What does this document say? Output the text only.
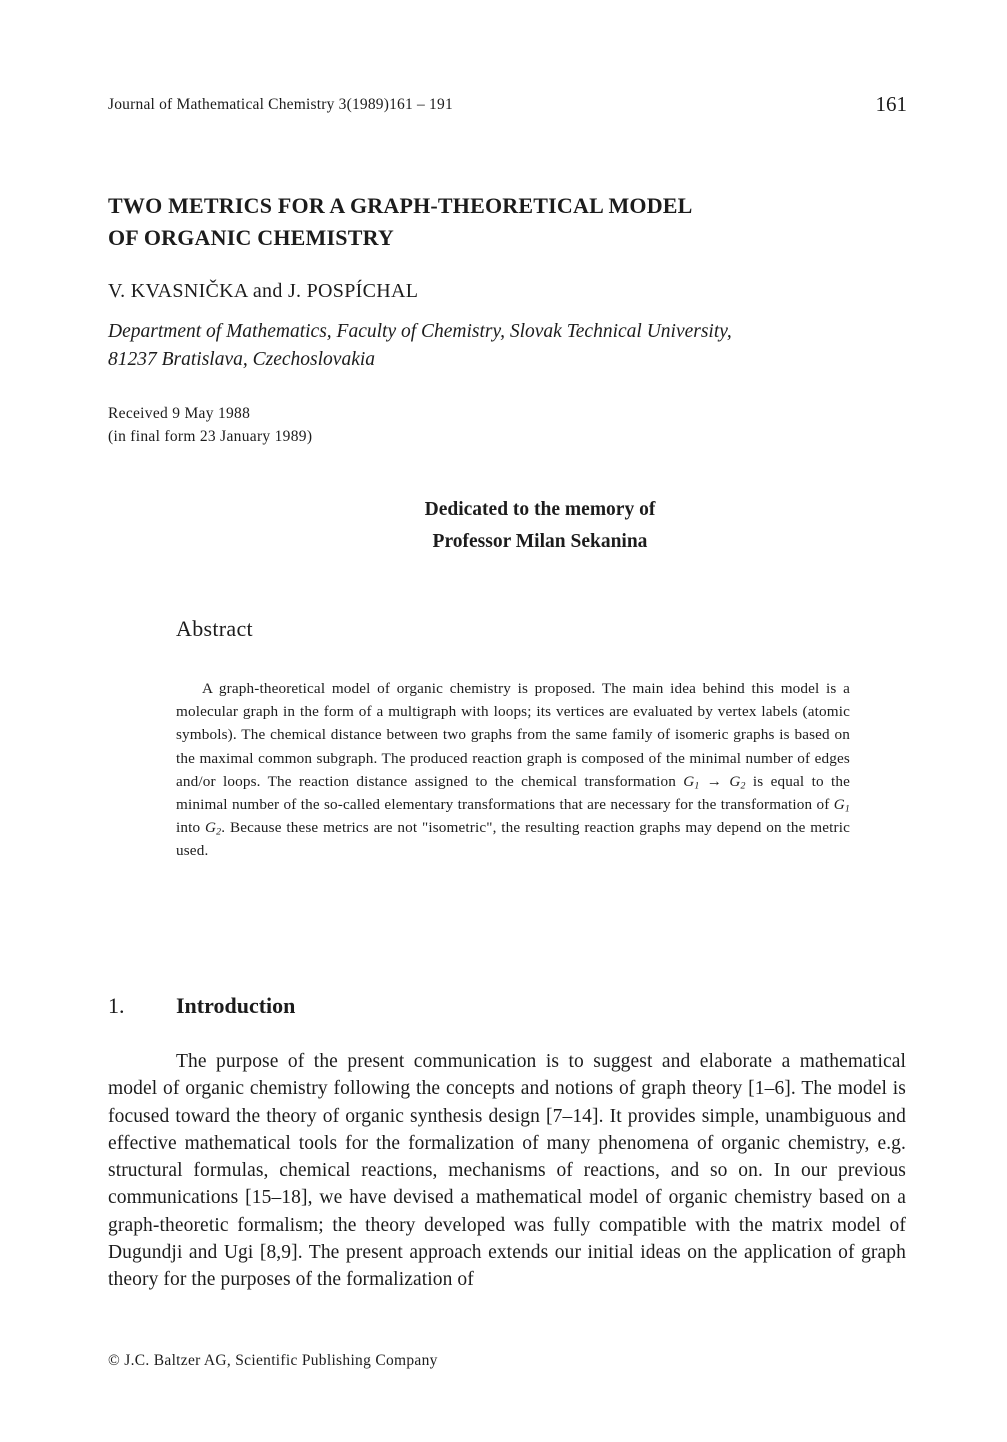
Journal of Mathematical Chemistry 3(1989)161 – 191	161
TWO METRICS FOR A GRAPH-THEORETICAL MODEL
OF ORGANIC CHEMISTRY
V. KVASNIČKA and J. POSPÍCHAL
Department of Mathematics, Faculty of Chemistry, Slovak Technical University,
81237 Bratislava, Czechoslovakia
Received 9 May 1988
(in final form 23 January 1989)
Dedicated to the memory of
Professor Milan Sekanina
Abstract
A graph-theoretical model of organic chemistry is proposed. The main idea behind this model is a molecular graph in the form of a multigraph with loops; its vertices are evaluated by vertex labels (atomic symbols). The chemical distance between two graphs from the same family of isomeric graphs is based on the maximal common subgraph. The produced reaction graph is composed of the minimal number of edges and/or loops. The reaction distance assigned to the chemical transformation $G_1 \to G_2$ is equal to the minimal number of the so-called elementary transformations that are necessary for the transformation of $G_1$ into $G_2$. Because these metrics are not "isometric", the resulting reaction graphs may depend on the metric used.
1. Introduction
The purpose of the present communication is to suggest and elaborate a mathematical model of organic chemistry following the concepts and notions of graph theory [1–6]. The model is focused toward the theory of organic synthesis design [7–14]. It provides simple, unambiguous and effective mathematical tools for the formalization of many phenomena of organic chemistry, e.g. structural formulas, chemical reactions, mechanisms of reactions, and so on. In our previous communications [15–18], we have devised a mathematical model of organic chemistry based on a graph-theoretic formalism; the theory developed was fully compatible with the matrix model of Dugundji and Ugi [8,9]. The present approach extends our initial ideas on the application of graph theory for the purposes of the formalization of
© J.C. Baltzer AG, Scientific Publishing Company
